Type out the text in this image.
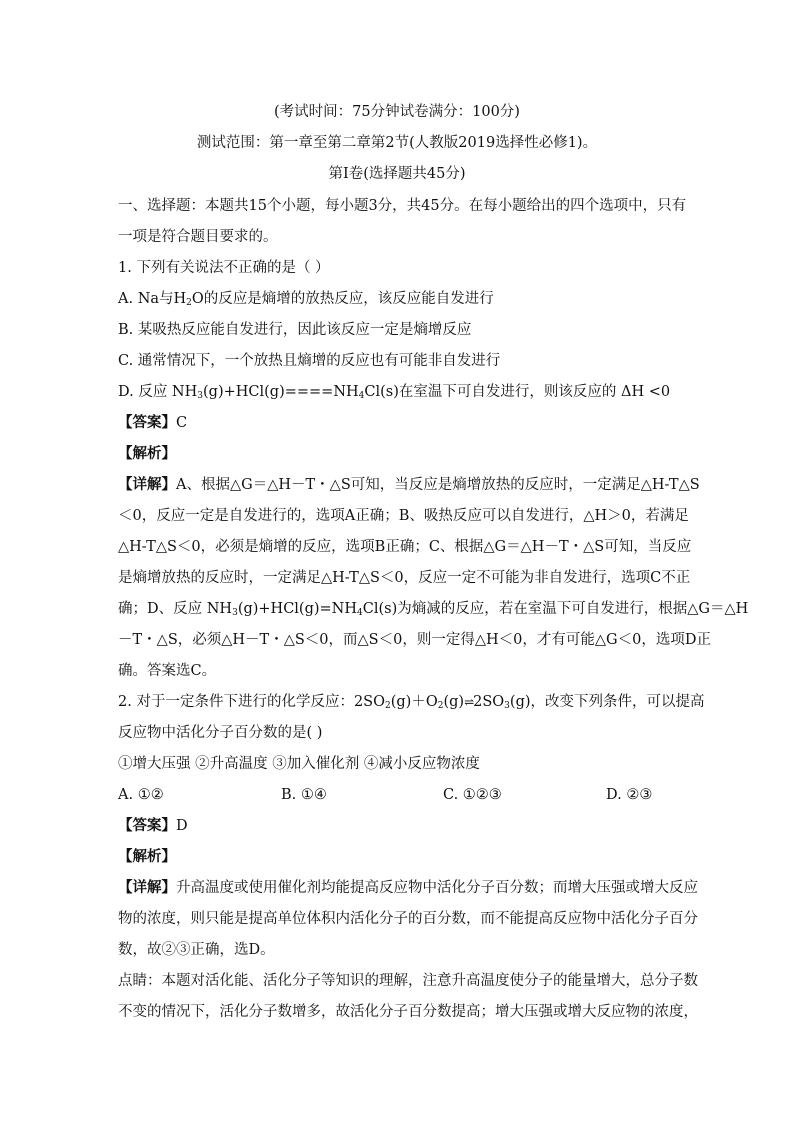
(考试时间：75分钟试卷满分：100分)
测试范围：第一章至第二章第2节(人教版2019选择性必修1)。
第Ⅰ卷(选择题共45分)
一、选择题：本题共15个小题，每小题3分，共45分。在每小题给出的四个选项中，只有
一项是符合题目要求的。
1. 下列有关说法不正确的是（ ）
A. Na与$H_2O$的反应是熵增的放热反应，该反应能自发进行
B. 某吸热反应能自发进行，因此该反应一定是熵增反应
C. 通常情况下，一个放热且熵增的反应也有可能非自发进行
D. 反应 $NH_3(g)+HCl(g)====NH_4Cl(s)$在室温下可自发进行，则该反应的 ΔH <0
【答案】C
【解析】
【详解】A、根据△G＝△H－T・△S可知，当反应是熵增放热的反应时，一定满足△H-T△S
＜0，反应一定是自发进行的，选项A正确；B、吸热反应可以自发进行，△H＞0，若满足
△H-T△S＜0，必须是熵增的反应，选项B正确；C、根据△G＝△H－T・△S可知，当反应
是熵增放热的反应时，一定满足△H-T△S＜0，反应一定不可能为非自发进行，选项C不正
确；D、反应 $NH_3(g)+HCl(g)=NH_4Cl(s)$为熵减的反应，若在室温下可自发进行，根据△G＝△H
－T・△S，必须△H－T・△S＜0，而△S＜0，则一定得△H＜0，才有可能△G＜0，选项D正
确。答案选C。
2. 对于一定条件下进行的化学反应：$2SO_2(g)+O_2(g)\rightleftharpoons 2SO_3(g)$，改变下列条件，可以提高
反应物中活化分子百分数的是( )
①增大压强 ②升高温度 ③加入催化剂 ④减小反应物浓度
A. ①②	B. ①④	C. ①②③	D. ②③
【答案】D
【解析】
【详解】升高温度或使用催化剂均能提高反应物中活化分子百分数；而增大压强或增大反应
物的浓度，则只能是提高单位体积内活化分子的百分数，而不能提高反应物中活化分子百分
数，故②③正确，选D。
点睛：本题对活化能、活化分子等知识的理解，注意升高温度使分子的能量增大，总分子数
不变的情况下，活化分子数增多，故活化分子百分数提高；增大压强或增大反应物的浓度，
